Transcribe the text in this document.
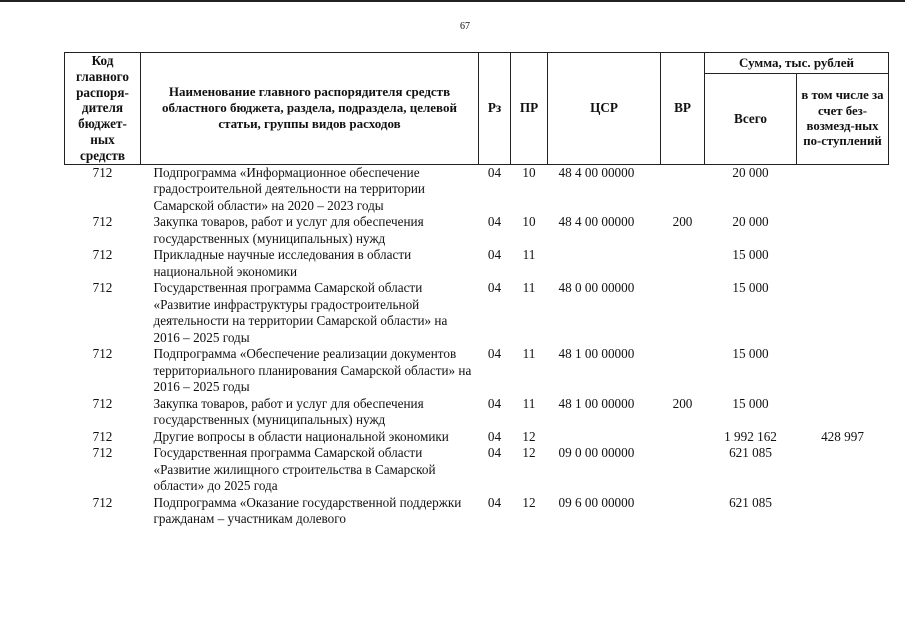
67
Код главного распоря-дителя бюджет-ных средств	Наименование главного распорядителя средств областного бюджета, раздела, подраздела, целевой статьи, группы видов расходов	Рз	ПР	ЦСР	ВР	Сумма, тыс. рублей	
						Всего	в том числе за счет без-возмезд-ных по-ступлений
712	Подпрограмма «Информационное обеспечение градостроительной деятельности на территории Самарской области» на 2020 – 2023 годы	04	10	48 4 00 00000		20 000	
712	Закупка товаров, работ и услуг для обеспечения государственных (муниципальных) нужд	04	10	48 4 00 00000	200	20 000	
712	Прикладные научные исследования в области национальной экономики	04	11			15 000	
712	Государственная программа Самарской области «Развитие инфраструктуры градостроительной деятельности на территории Самарской области» на 2016 – 2025 годы	04	11	48 0 00 00000		15 000	
712	Подпрограмма «Обеспечение реализации документов территориального планирования Самарской области» на 2016 – 2025 годы	04	11	48 1 00 00000		15 000	
712	Закупка товаров, работ и услуг для обеспечения государственных (муниципальных) нужд	04	11	48 1 00 00000	200	15 000	
712	Другие вопросы в области национальной экономики	04	12			1 992 162	428 997
712	Государственная программа Самарской области «Развитие жилищного строительства в Самарской области» до 2025 года	04	12	09 0 00 00000		621 085	
712	Подпрограмма «Оказание государственной поддержки гражданам – участникам долевого	04	12	09 6 00 00000		621 085	
